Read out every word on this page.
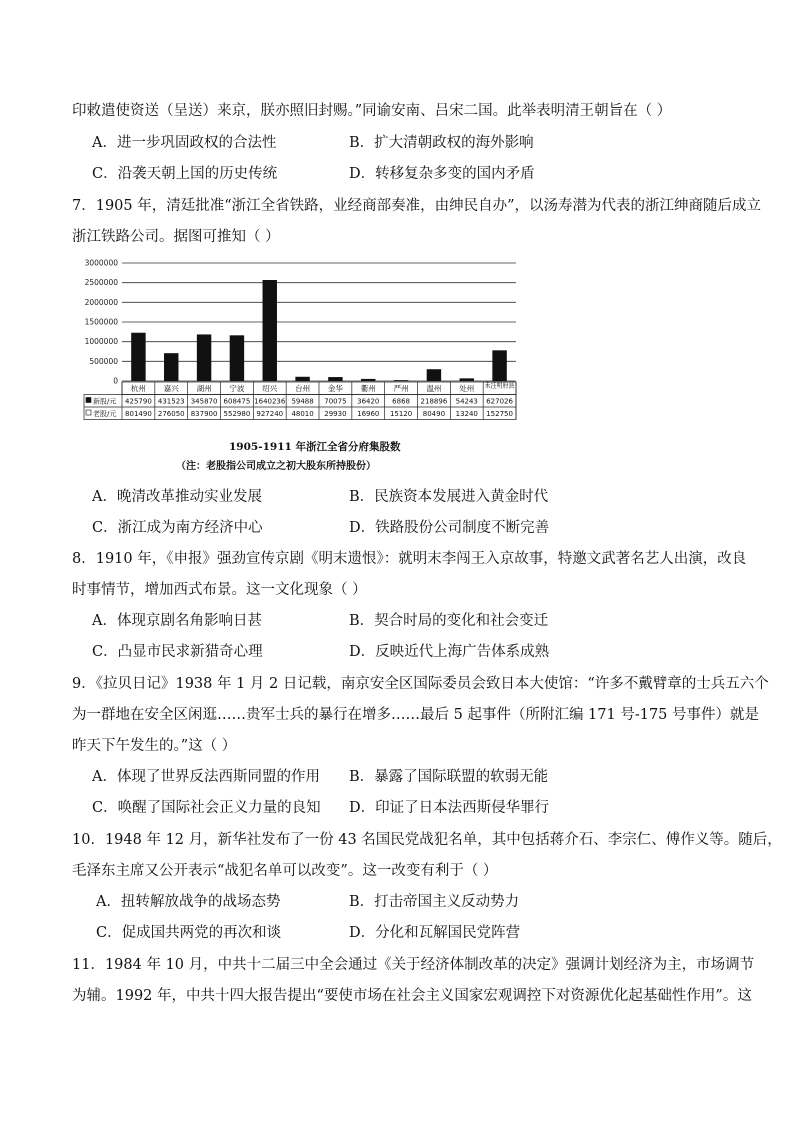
印敕遣使资送（呈送）来京，朕亦照旧封赐。”同谕安南、吕宋二国。此举表明清王朝旨在（ ）
A．进一步巩固政权的合法性	B．扩大清朝政权的海外影响
C．沿袭天朝上国的历史传统	D．转移复杂多变的国内矛盾
7．1905 年，清廷批准“浙江全省铁路，业经商部奏准，由绅民自办”，以汤寿潜为代表的浙江绅商随后成立
浙江铁路公司。据图可推知（ ）
3000000
2500000
2000000
1500000
1000000
500000
0
杭州 嘉兴 湖州 宁波 绍兴 台州 金华 衢州 严州 温州 处州 未注明府县
新股/元 425790 431523 345870 608475 1640236 59488 70075 36420 6868 218896 54243 627026
老股/元 801490 276050 837900 552980 927240 48010 29930 16960 15120 80490 13240 152750
1905-1911 年浙江全省分府集股数
（注：老股指公司成立之初大股东所持股份）
A．晚清改革推动实业发展	B．民族资本发展进入黄金时代
C．浙江成为南方经济中心	D．铁路股份公司制度不断完善
8．1910 年，《申报》强劲宣传京剧《明末遗恨》：就明末李闯王入京故事，特邀文武著名艺人出演，改良
时事情节，增加西式布景。这一文化现象（ ）
A．体现京剧名角影响日甚	B．契合时局的变化和社会变迁
C．凸显市民求新猎奇心理	D．反映近代上海广告体系成熟
9．《拉贝日记》1938 年 1 月 2 日记载，南京安全区国际委员会致日本大使馆：“许多不戴臂章的士兵五六个
为一群地在安全区闲逛……贵军士兵的暴行在增多……最后 5 起事件（所附汇编 171 号-175 号事件）就是
昨天下午发生的。”这（ ）
A．体现了世界反法西斯同盟的作用 B．暴露了国际联盟的软弱无能
C．唤醒了国际社会正义力量的良知 D．印证了日本法西斯侵华罪行
10．1948 年 12 月，新华社发布了一份 43 名国民党战犯名单，其中包括蒋介石、李宗仁、傅作义等。随后，
毛泽东主席又公开表示“战犯名单可以改变”。这一改变有利于（ ）
A．扭转解放战争的战场态势	B．打击帝国主义反动势力
C．促成国共两党的再次和谈	D．分化和瓦解国民党阵营
11．1984 年 10 月，中共十二届三中全会通过《关于经济体制改革的决定》强调计划经济为主，市场调节
为辅。1992 年，中共十四大报告提出“要使市场在社会主义国家宏观调控下对资源优化起基础性作用”。这
